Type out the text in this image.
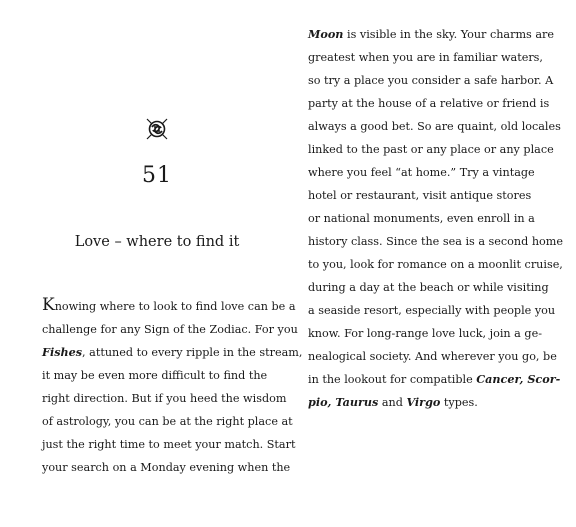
51
Love – where to find it
Knowing where to look to find love can be a
challenge for any Sign of the Zodiac. For you
Fishes, attuned to every ripple in the stream,
it may be even more difficult to find the
right direction. But if you heed the wisdom
of astrology, you can be at the right place at
just the right time to meet your match. Start
your search on a Monday evening when the
Moon is visible in the sky. Your charms are
greatest when you are in familiar waters,
so try a place you consider a safe harbor. A
party at the house of a relative or friend is
always a good bet. So are quaint, old locales
linked to the past or any place or any place
where you feel “at home.” Try a vintage
hotel or restaurant, visit antique stores
or national monuments, even enroll in a
history class. Since the sea is a second home
to you, look for romance on a moonlit cruise,
during a day at the beach or while visiting
a seaside resort, especially with people you
know. For long-range love luck, join a ge-
nealogical society. And wherever you go, be
in the lookout for compatible Cancer, Scor-
pio, Taurus and Virgo types.
